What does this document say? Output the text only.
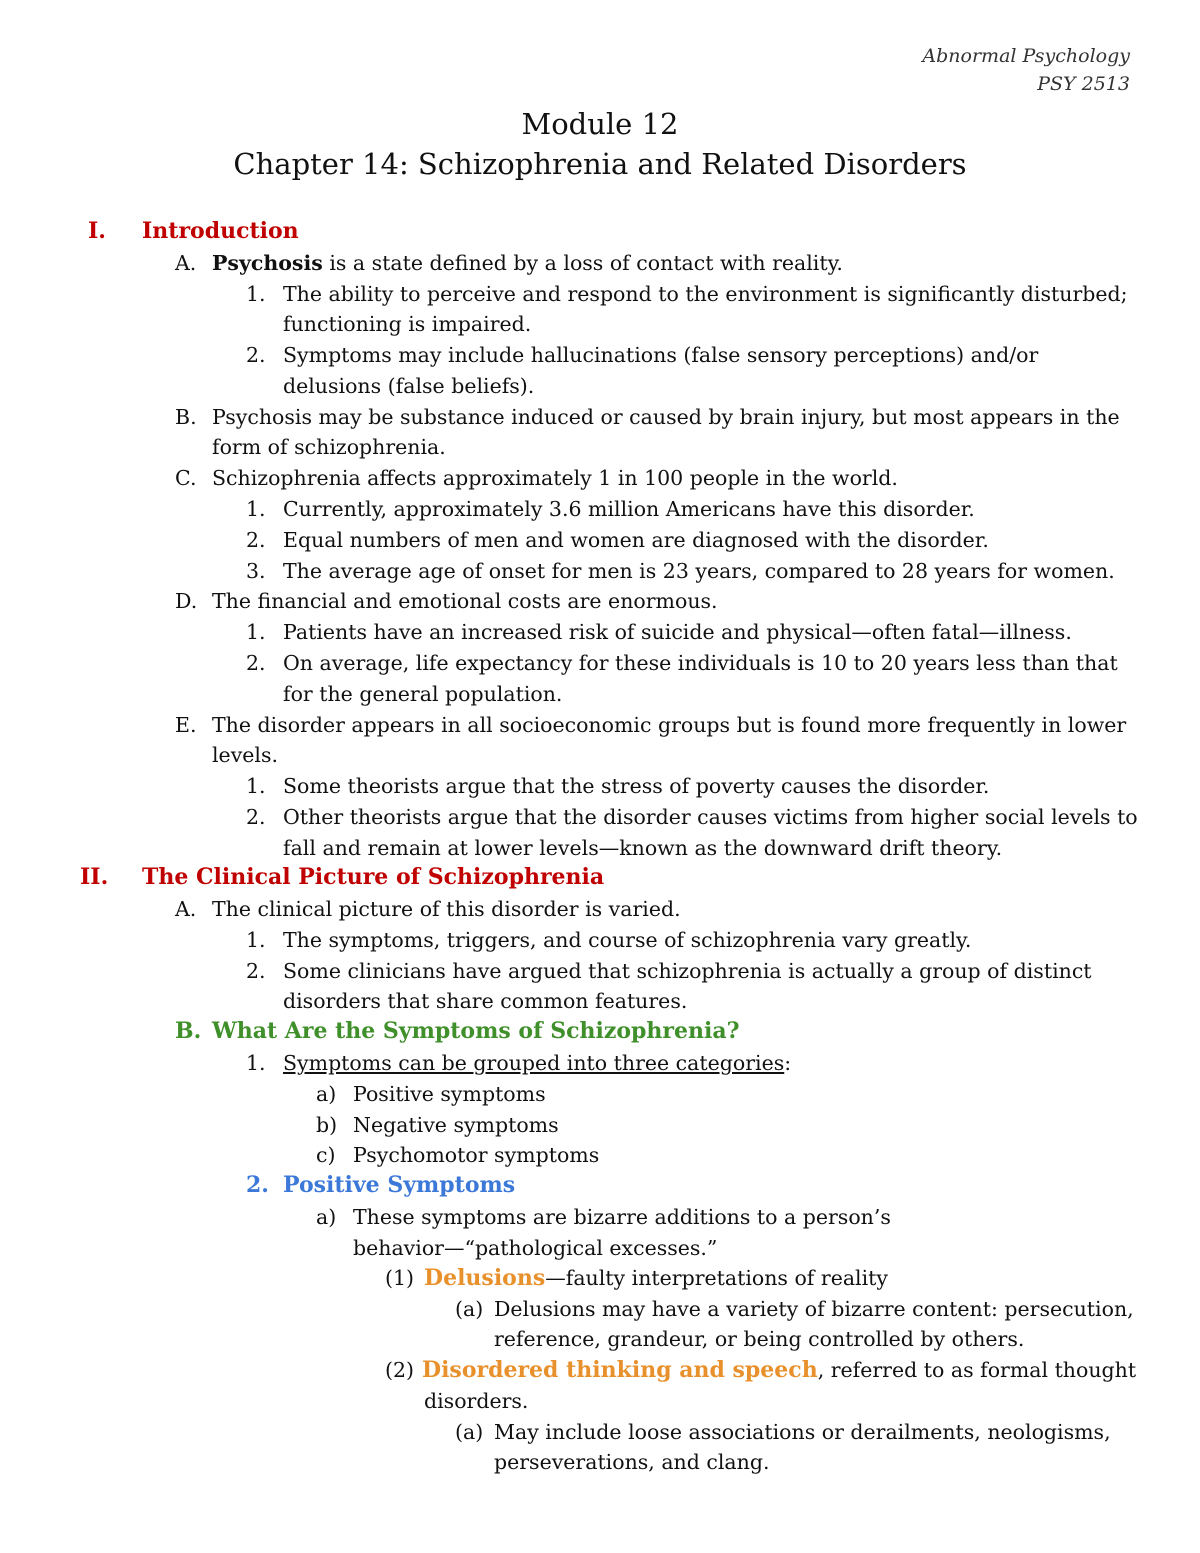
Abnormal Psychology
PSY 2513
Module 12
Chapter 14: Schizophrenia and Related Disorders
I. Introduction
A. Psychosis is a state defined by a loss of contact with reality.
1. The ability to perceive and respond to the environment is significantly disturbed;
functioning is impaired.
2. Symptoms may include hallucinations (false sensory perceptions) and/or
delusions (false beliefs).
B. Psychosis may be substance induced or caused by brain injury, but most appears in the
form of schizophrenia.
C. Schizophrenia affects approximately 1 in 100 people in the world.
1. Currently, approximately 3.6 million Americans have this disorder.
2. Equal numbers of men and women are diagnosed with the disorder.
3. The average age of onset for men is 23 years, compared to 28 years for women.
D. The financial and emotional costs are enormous.
1. Patients have an increased risk of suicide and physical—often fatal—illness.
2. On average, life expectancy for these individuals is 10 to 20 years less than that
for the general population.
E. The disorder appears in all socioeconomic groups but is found more frequently in lower
levels.
1. Some theorists argue that the stress of poverty causes the disorder.
2. Other theorists argue that the disorder causes victims from higher social levels to
fall and remain at lower levels—known as the downward drift theory.
II. The Clinical Picture of Schizophrenia
A. The clinical picture of this disorder is varied.
1. The symptoms, triggers, and course of schizophrenia vary greatly.
2. Some clinicians have argued that schizophrenia is actually a group of distinct
disorders that share common features.
B. What Are the Symptoms of Schizophrenia?
1. Symptoms can be grouped into three categories:
a) Positive symptoms
b) Negative symptoms
c) Psychomotor symptoms
2. Positive Symptoms
a) These symptoms are bizarre additions to a person’s
behavior—“pathological excesses.”
(1) Delusions—faulty interpretations of reality
(a) Delusions may have a variety of bizarre content: persecution,
reference, grandeur, or being controlled by others.
(2) Disordered thinking and speech, referred to as formal thought
disorders.
(a) May include loose associations or derailments, neologisms,
perseverations, and clang.
